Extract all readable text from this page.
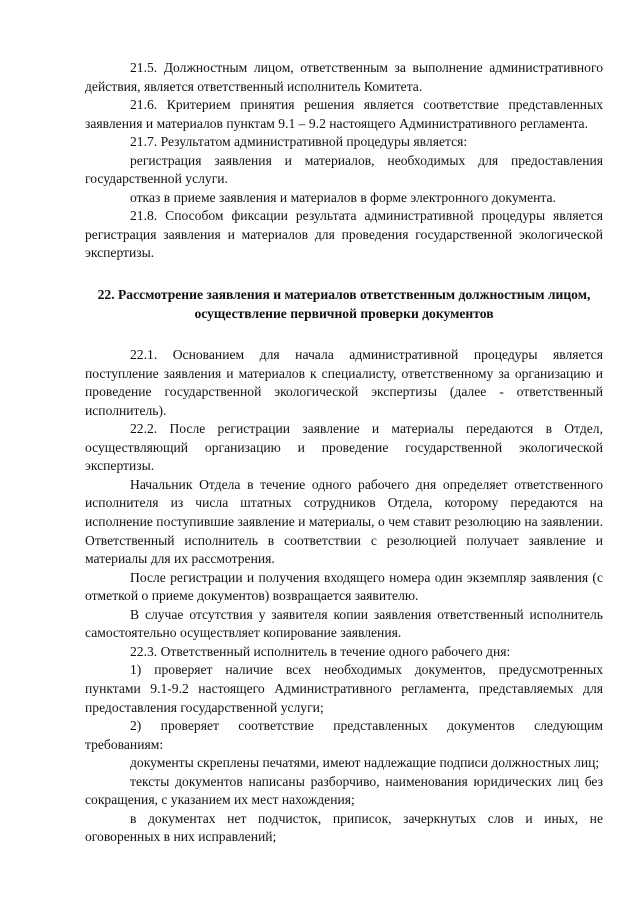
21.5. Должностным лицом, ответственным за выполнение административного действия, является ответственный исполнитель Комитета.

21.6. Критерием принятия решения является соответствие представленных заявления и материалов пунктам 9.1 – 9.2 настоящего Административного регламента.

21.7. Результатом административной процедуры является:

регистрация заявления и материалов, необходимых для предоставления государственной услуги.

отказ в приеме заявления и материалов в форме электронного документа.

21.8. Способом фиксации результата административной процедуры является регистрация заявления и материалов для проведения государственной экологической экспертизы.

22. Рассмотрение заявления и материалов ответственным должностным лицом, осуществление первичной проверки документов

22.1. Основанием для начала административной процедуры является поступление заявления и материалов к специалисту, ответственному за организацию и проведение государственной экологической экспертизы (далее - ответственный исполнитель).

22.2. После регистрации заявление и материалы передаются в Отдел, осуществляющий организацию и проведение государственной экологической экспертизы.

Начальник Отдела в течение одного рабочего дня определяет ответственного исполнителя из числа штатных сотрудников Отдела, которому передаются на исполнение поступившие заявление и материалы, о чем ставит резолюцию на заявлении. Ответственный исполнитель в соответствии с резолюцией получает заявление и материалы для их рассмотрения.

После регистрации и получения входящего номера один экземпляр заявления (с отметкой о приеме документов) возвращается заявителю.

В случае отсутствия у заявителя копии заявления ответственный исполнитель самостоятельно осуществляет копирование заявления.

22.3. Ответственный исполнитель в течение одного рабочего дня:

1) проверяет наличие всех необходимых документов, предусмотренных пунктами 9.1-9.2 настоящего Административного регламента, представляемых для предоставления государственной услуги;

2) проверяет соответствие представленных документов следующим требованиям:

документы скреплены печатями, имеют надлежащие подписи должностных лиц;

тексты документов написаны разборчиво, наименования юридических лиц без сокращения, с указанием их мест нахождения;

в документах нет подчисток, приписок, зачеркнутых слов и иных, не оговоренных в них исправлений;
